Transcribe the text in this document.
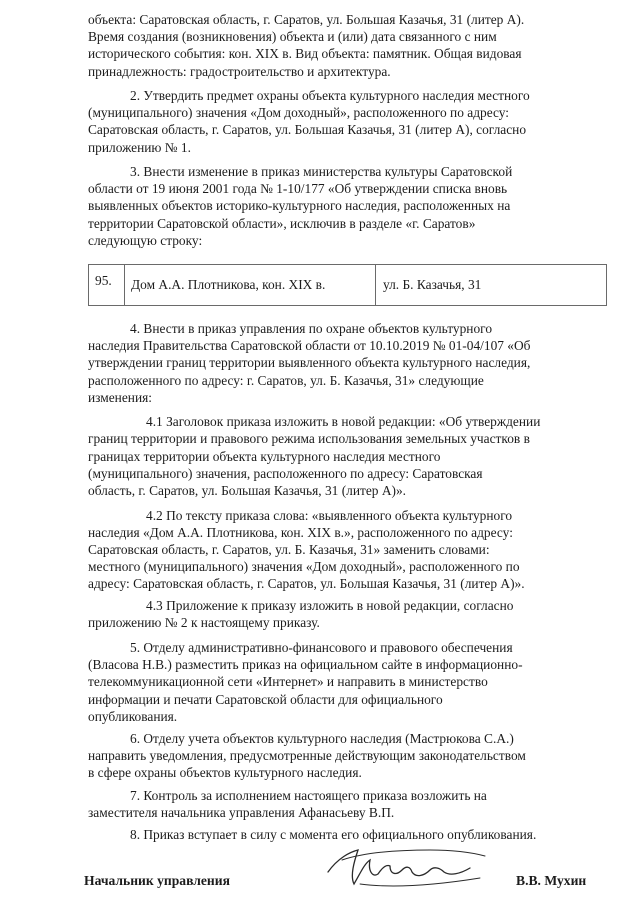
объекта: Саратовская область, г. Саратов, ул. Большая Казачья, 31 (литер А).
Время создания (возникновения) объекта и (или) дата связанного с ним
исторического события: кон. XIX в. Вид объекта: памятник. Общая видовая
принадлежность: градостроительство и архитектура.
2. Утвердить предмет охраны объекта культурного наследия местного
(муниципального) значения «Дом доходный», расположенного по адресу:
Саратовская область, г. Саратов, ул. Большая Казачья, 31 (литер А), согласно
приложению № 1.
3. Внести изменение в приказ министерства культуры Саратовской
области от 19 июня 2001 года № 1-10/177 «Об утверждении списка вновь
выявленных объектов историко-культурного наследия, расположенных на
территории Саратовской области», исключив в разделе «г. Саратов»
следующую строку:
95. Дом А.А. Плотникова, кон. XIX в.	ул. Б. Казачья, 31
4. Внести в приказ управления по охране объектов культурного
наследия Правительства Саратовской области от 10.10.2019 № 01-04/107 «Об
утверждении границ территории выявленного объекта культурного наследия,
расположенного по адресу: г. Саратов, ул. Б. Казачья, 31» следующие
изменения:
4.1 Заголовок приказа изложить в новой редакции: «Об утверждении
границ территории и правового режима использования земельных участков в
границах территории объекта культурного наследия местного
(муниципального) значения, расположенного по адресу: Саратовская
область, г. Саратов, ул. Большая Казачья, 31 (литер А)».
4.2 По тексту приказа слова: «выявленного объекта культурного
наследия «Дом А.А. Плотникова, кон. XIX в.», расположенного по адресу:
Саратовская область, г. Саратов, ул. Б. Казачья, 31» заменить словами:
местного (муниципального) значения «Дом доходный», расположенного по
адресу: Саратовская область, г. Саратов, ул. Большая Казачья, 31 (литер А)».
4.3 Приложение к приказу изложить в новой редакции, согласно
приложению № 2 к настоящему приказу.
5. Отделу административно-финансового и правового обеспечения
(Власова Н.В.) разместить приказ на официальном сайте в информационно-
телекоммуникационной сети «Интернет» и направить в министерство
информации и печати Саратовской области для официального
опубликования.
6. Отделу учета объектов культурного наследия (Мастрюкова С.А.)
направить уведомления, предусмотренные действующим законодательством
в сфере охраны объектов культурного наследия.
7. Контроль за исполнением настоящего приказа возложить на
заместителя начальника управления Афанасьеву В.П.
8. Приказ вступает в силу с момента его официального опубликования.
Начальник управления	В.В. Мухин
